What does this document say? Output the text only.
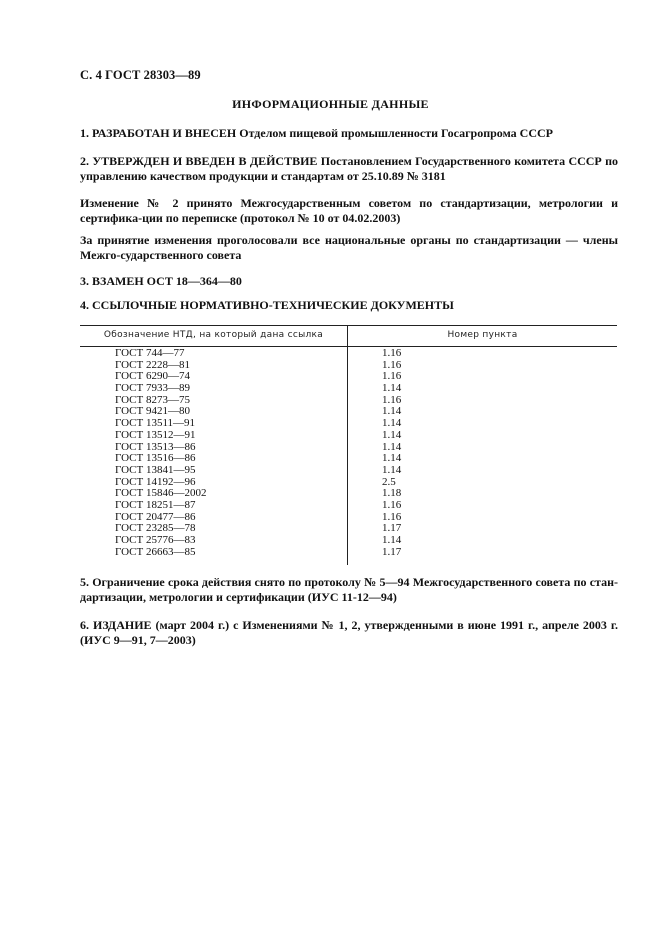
С. 4 ГОСТ 28303—89
ИНФОРМАЦИОННЫЕ ДАННЫЕ
1. РАЗРАБОТАН И ВНЕСЕН Отделом пищевой промышленности Госагропрома СССР
2. УТВЕРЖДЕН И ВВЕДЕН В ДЕЙСТВИЕ Постановлением Государственного комитета СССР по управлению качеством продукции и стандартам от 25.10.89 № 3181
Изменение № 2 принято Межгосударственным советом по стандартизации, метрологии и сертифика-ции по переписке (протокол № 10 от 04.02.2003)
За принятие изменения проголосовали все национальные органы по стандартизации — члены Межго-сударственного совета
3. ВЗАМЕН ОСТ 18—364—80
4. ССЫЛОЧНЫЕ НОРМАТИВНО-ТЕХНИЧЕСКИЕ ДОКУМЕНТЫ
Обозначение НТД, на который дана ссылка	Номер пункта
ГОСТ 744—77	1.16
ГОСТ 2228—81	1.16
ГОСТ 6290—74	1.16
ГОСТ 7933—89	1.14
ГОСТ 8273—75	1.16
ГОСТ 9421—80	1.14
ГОСТ 13511—91	1.14
ГОСТ 13512—91	1.14
ГОСТ 13513—86	1.14
ГОСТ 13516—86	1.14
ГОСТ 13841—95	1.14
ГОСТ 14192—96	2.5
ГОСТ 15846—2002	1.18
ГОСТ 18251—87	1.16
ГОСТ 20477—86	1.16
ГОСТ 23285—78	1.17
ГОСТ 25776—83	1.14
ГОСТ 26663—85	1.17
5. Ограничение срока действия снято по протоколу № 5—94 Межгосударственного совета по стан-дартизации, метрологии и сертификации (ИУС 11-12—94)
6. ИЗДАНИЕ (март 2004 г.) с Изменениями № 1, 2, утвержденными в июне 1991 г., апреле 2003 г. (ИУС 9—91, 7—2003)
